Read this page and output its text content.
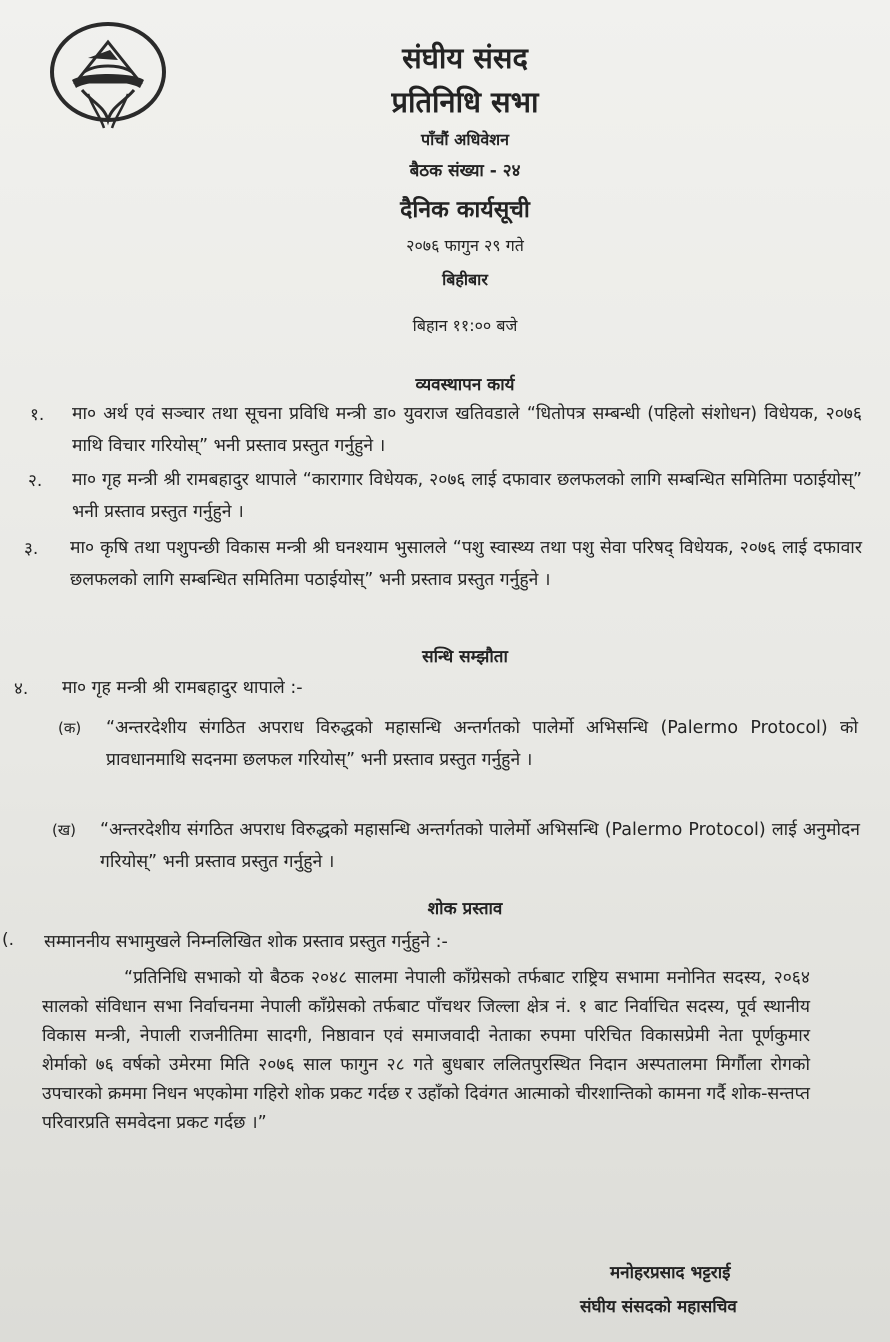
संघीय संसद
प्रतिनिधि सभा
पाँचौं अधिवेशन
बैठक संख्या - २४
दैनिक कार्यसूची
२०७६ फागुन २९ गते
बिहीबार
बिहान ११:०० बजे
व्यवस्थापन कार्य
१. मा० अर्थ एवं सञ्चार तथा सूचना प्रविधि मन्त्री डा० युवराज खतिवडाले “धितोपत्र सम्बन्धी (पहिलो संशोधन) विधेयक, २०७६ माथि विचार गरियोस्” भनी प्रस्ताव प्रस्तुत गर्नुहुने ।
२. मा० गृह मन्त्री श्री रामबहादुर थापाले “कारागार विधेयक, २०७६ लाई दफावार छलफलको लागि सम्बन्धित समितिमा पठाईयोस्” भनी प्रस्ताव प्रस्तुत गर्नुहुने ।
३. मा० कृषि तथा पशुपन्छी विकास मन्त्री श्री घनश्याम भुसालले “पशु स्वास्थ्य तथा पशु सेवा परिषद् विधेयक, २०७६ लाई दफावार छलफलको लागि सम्बन्धित समितिमा पठाईयोस्” भनी प्रस्ताव प्रस्तुत गर्नुहुने ।
सन्धि सम्झौता
४. मा० गृह मन्त्री श्री रामबहादुर थापाले :-
(क) “अन्तरदेशीय संगठित अपराध विरुद्धको महासन्धि अन्तर्गतको पालेर्मो अभिसन्धि (Palermo Protocol) को प्रावधानमाथि सदनमा छलफल गरियोस्” भनी प्रस्ताव प्रस्तुत गर्नुहुने ।
(ख) “अन्तरदेशीय संगठित अपराध विरुद्धको महासन्धि अन्तर्गतको पालेर्मो अभिसन्धि (Palermo Protocol) लाई अनुमोदन गरियोस्” भनी प्रस्ताव प्रस्तुत गर्नुहुने ।
शोक प्रस्ताव
(. सम्माननीय सभामुखले निम्नलिखित शोक प्रस्ताव प्रस्तुत गर्नुहुने :-
“प्रतिनिधि सभाको यो बैठक २०४८ सालमा नेपाली काँग्रेसको तर्फबाट राष्ट्रिय सभामा मनोनित सदस्य, २०६४ सालको संविधान सभा निर्वाचनमा नेपाली काँग्रेसको तर्फबाट पाँचथर जिल्ला क्षेत्र नं. १ बाट निर्वाचित सदस्य, पूर्व स्थानीय विकास मन्त्री, नेपाली राजनीतिमा सादगी, निष्ठावान एवं समाजवादी नेताका रुपमा परिचित विकासप्रेमी नेता पूर्णकुमार शेर्माको ७६ वर्षको उमेरमा मिति २०७६ साल फागुन २८ गते बुधबार ललितपुरस्थित निदान अस्पतालमा मिर्गौला रोगको उपचारको क्रममा निधन भएकोमा गहिरो शोक प्रकट गर्दछ र उहाँको दिवंगत आत्माको चीरशान्तिको कामना गर्दै शोक-सन्तप्त परिवारप्रति समवेदना प्रकट गर्दछ ।”
मनोहरप्रसाद भट्टराई
संघीय संसदको महासचिव
